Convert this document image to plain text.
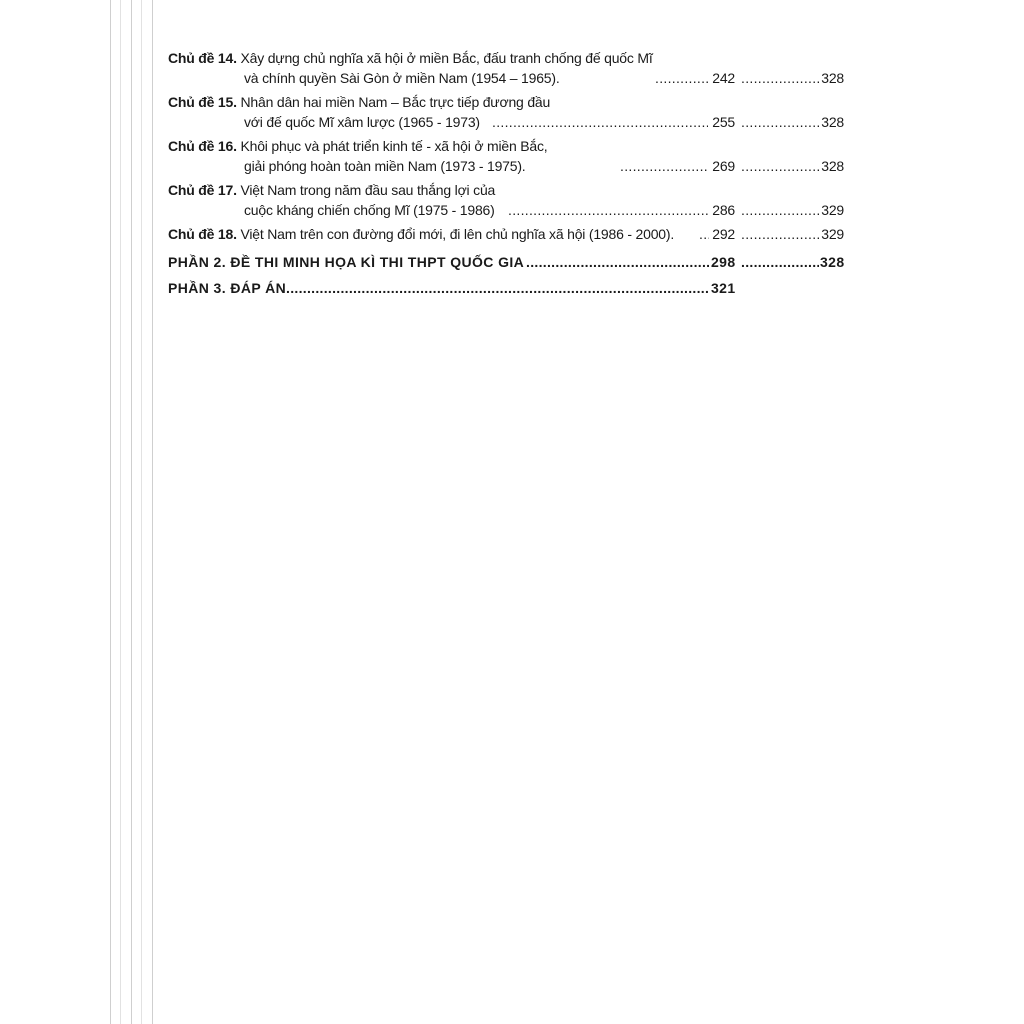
Chủ đề 14. Xây dựng chủ nghĩa xã hội ở miền Bắc, đấu tranh chống đế quốc Mĩ
và chính quyền Sài Gòn ở miền Nam (1954 – 1965). .....	242 .....	328
Chủ đề 15. Nhân dân hai miền Nam – Bắc trực tiếp đương đầu
với đế quốc Mĩ xâm lược (1965 - 1973) .....	255 .....	328
Chủ đề 16. Khôi phục và phát triển kinh tế - xã hội ở miền Bắc,
giải phóng hoàn toàn miền Nam (1973 - 1975). .....	269 .....	328
Chủ đề 17. Việt Nam trong năm đầu sau thắng lợi của
cuộc kháng chiến chống Mĩ (1975 - 1986) .....	286 .....	329
Chủ đề 18. Việt Nam trên con đường đổi mới, đi lên chủ nghĩa xã hội (1986 - 2000). .....	292 .....	329
PHẦN 2. ĐỀ THI MINH HỌA KÌ THI THPT QUỐC GIA .....	298 .....	328
PHẦN 3. ĐÁP ÁN .....	321
